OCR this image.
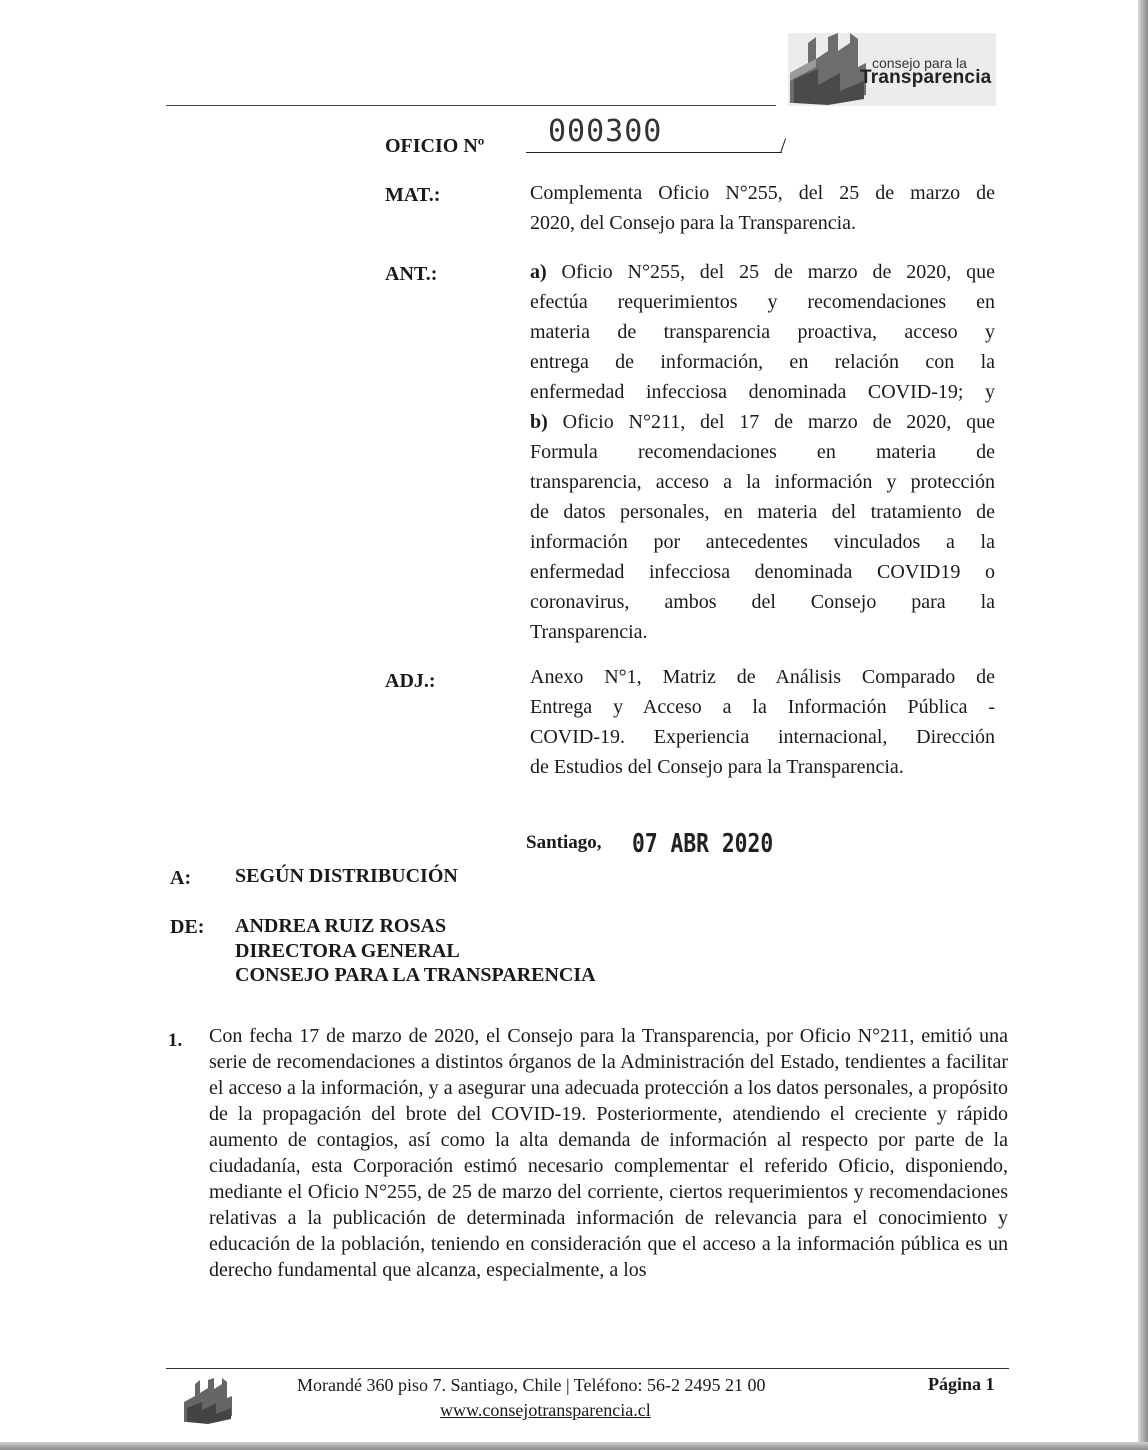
consejo para la
Transparencia
OFICIO Nº 000300	/
MAT.:	Complementa Oficio N°255, del 25 de marzo de
2020, del Consejo para la Transparencia.
ANT.:	a) Oficio N°255, del 25 de marzo de 2020, que
efectúa requerimientos y recomendaciones en
materia de transparencia proactiva, acceso y
entrega de información, en relación con la
enfermedad infecciosa denominada COVID-19; y
b) Oficio N°211, del 17 de marzo de 2020, que
Formula recomendaciones en materia de
transparencia, acceso a la información y protección
de datos personales, en materia del tratamiento de
información por antecedentes vinculados a la
enfermedad infecciosa denominada COVID19 o
coronavirus, ambos del Consejo para la
Transparencia.
ADJ.:	Anexo N°1, Matriz de Análisis Comparado de
Entrega y Acceso a la Información Pública -
COVID-19. Experiencia internacional, Dirección
de Estudios del Consejo para la Transparencia.
Santiago, 07 ABR 2020
A: SEGÚN DISTRIBUCIÓN
DE: ANDREA RUIZ ROSAS
DIRECTORA GENERAL
CONSEJO PARA LA TRANSPARENCIA
1. Con fecha 17 de marzo de 2020, el Consejo para la Transparencia, por Oficio N°211, emitió una serie de recomendaciones a distintos órganos de la Administración del Estado, tendientes a facilitar el acceso a la información, y a asegurar una adecuada protección a los datos personales, a propósito de la propagación del brote del COVID-19. Posteriormente, atendiendo el creciente y rápido aumento de contagios, así como la alta demanda de información al respecto por parte de la ciudadanía, esta Corporación estimó necesario complementar el referido Oficio, disponiendo, mediante el Oficio N°255, de 25 de marzo del corriente, ciertos requerimientos y recomendaciones relativas a la publicación de determinada información de relevancia para el conocimiento y educación de la población, teniendo en consideración que el acceso a la información pública es un derecho fundamental que alcanza, especialmente, a los
Morandé 360 piso 7. Santiago, Chile | Teléfono: 56-2 2495 21 00
www.consejotransparencia.cl
Página 1
